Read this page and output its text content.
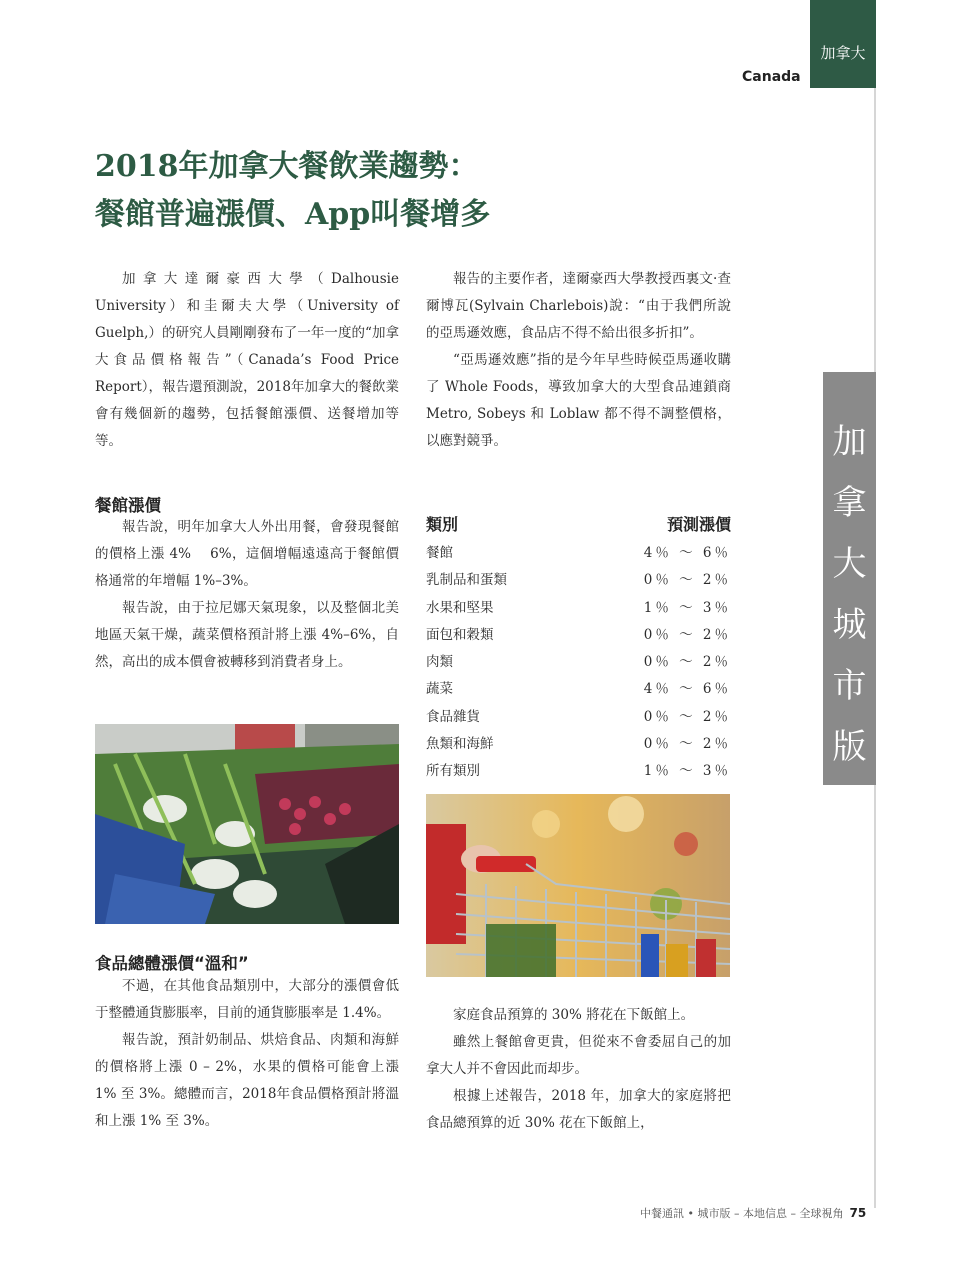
Canada
加拿大
加拿大城市版
2018年加拿大餐飲業趨勢：
餐館普遍漲價、App叫餐增多

加拿大達爾豪西大學（Dalhousie University）和圭爾夫大學（University of Guelph,）的研究人員剛剛發布了一年一度的“加拿大食品價格報告”（Canada’s Food Price Report），報告還預測說，2018年加拿大的餐飲業會有幾個新的趨勢，包括餐館漲價、送餐增加等等。

餐館漲價

報告說，明年加拿大人外出用餐，會發現餐館的價格上漲 4%　 6%，這個增幅遠遠高于餐館價格通常的年增幅 1%–3%。

報告說，由于拉尼娜天氣現象，以及整個北美地區天氣干燥，蔬菜價格預計將上漲 4%–6%，自然，高出的成本價會被轉移到消費者身上。

食品總體漲價“溫和”

不過，在其他食品類別中，大部分的漲價會低于整體通貨膨脹率，目前的通貨膨脹率是 1.4%。

報告說，預計奶制品、烘焙食品、肉類和海鮮的價格將上漲 0 – 2%，水果的價格可能會上漲 1% 至 3%。總體而言，2018年食品價格預計將溫和上漲 1% 至 3%。

報告的主要作者，達爾豪西大學教授西裏文·查爾博瓦(Sylvain Charlebois)說：“由于我們所說的亞馬遜效應，食品店不得不給出很多折扣”。

“亞馬遜效應”指的是今年早些時候亞馬遜收購了 Whole Foods，導致加拿大的大型食品連鎖商 Metro, Sobeys 和 Loblaw 都不得不調整價格，以應對競爭。

類別	預測漲價
餐館	4％ ～ 6％
乳制品和蛋類	0％ ～ 2％
水果和堅果	1％ ～ 3％
面包和穀類	0％ ～ 2％
肉類	0％ ～ 2％
蔬菜	4％ ～ 6％
食品雜貨	0％ ～ 2％
魚類和海鮮	0％ ～ 2％
所有類別	1％ ～ 3％

家庭食品預算的 30% 將花在下飯館上。

雖然上餐館會更貴，但從來不會委屈自己的加拿大人并不會因此而却步。

根據上述報告，2018 年，加拿大的家庭將把食品總預算的近 30% 花在下飯館上，

中餐通訊 • 城市版 – 本地信息 – 全球視角 75
